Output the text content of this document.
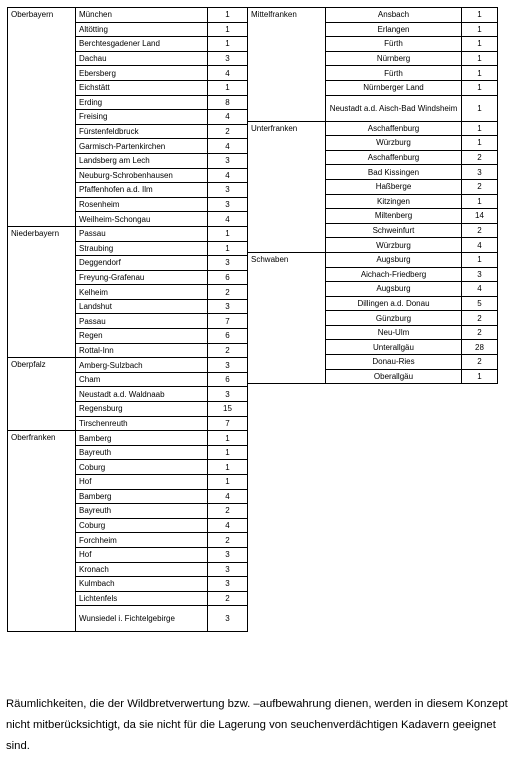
Oberbayern	München	1
	Altötting	1
	Berchtesgadener Land	1
	Dachau	3
	Ebersberg	4
	Eichstätt	1
	Erding	8
	Freising	4
	Fürstenfeldbruck	2
	Garmisch-Partenkirchen	4
	Landsberg am Lech	3
	Neuburg-Schrobenhausen	4
	Pfaffenhofen a.d. Ilm	3
	Rosenheim	3
	Weilheim-Schongau	4
Niederbayern	Passau	1
	Straubing	1
	Deggendorf	3
	Freyung-Grafenau	6
	Kelheim	2
	Landshut	3
	Passau	7
	Regen	6
	Rottal-Inn	2
Oberpfalz	Amberg-Sulzbach	3
	Cham	6
	Neustadt a.d. Waldnaab	3
	Regensburg	15
	Tirschenreuth	7
Oberfranken	Bamberg	1
	Bayreuth	1
	Coburg	1
	Hof	1
	Bamberg	4
	Bayreuth	2
	Coburg	4
	Forchheim	2
	Hof	3
	Kronach	3
	Kulmbach	3
	Lichtenfels	2
	Wunsiedel i. Fichtelgebirge	3
Mittelfranken	Ansbach	1
	Erlangen	1
	Fürth	1
	Nürnberg	1
	Fürth	1
	Nürnberger Land	1
	Neustadt a.d. Aisch-Bad Windsheim	1
Unterfranken	Aschaffenburg	1
	Würzburg	1
	Aschaffenburg	2
	Bad Kissingen	3
	Haßberge	2
	Kitzingen	1
	Miltenberg	14
	Schweinfurt	2
	Würzburg	4
Schwaben	Augsburg	1
	Aichach-Friedberg	3
	Augsburg	4
	Dillingen a.d. Donau	5
	Günzburg	2
	Neu-Ulm	2
	Unterallgäu	28
	Donau-Ries	2
	Oberallgäu	1
Räumlichkeiten, die der Wildbretverwertung bzw. –aufbewahrung dienen, werden in diesem Konzept nicht mitberücksichtigt, da sie nicht für die Lagerung von seuchenverdächtigen Kadavern geeignet sind.
